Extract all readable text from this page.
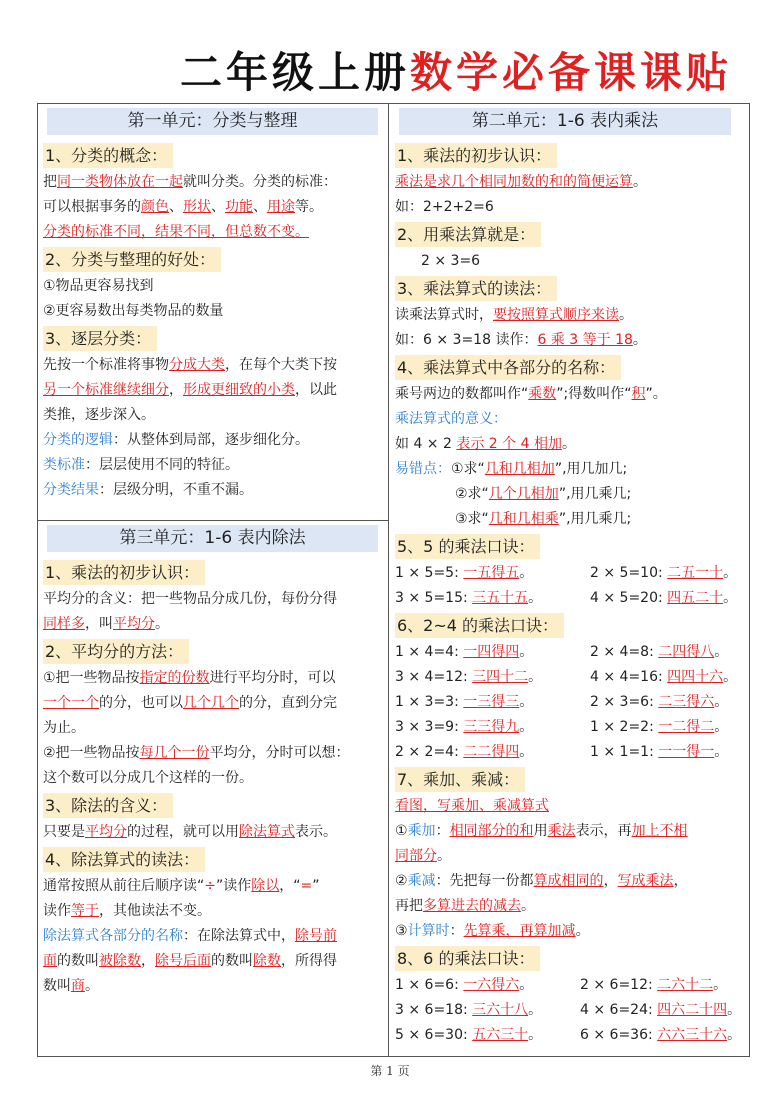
二年级上册数学必备课课贴
第一单元：分类与整理
1、分类的概念：
把同一类物体放在一起就叫分类。分类的标准：
可以根据事务的颜色、形状、功能、用途等。
分类的标准不同，结果不同，但总数不变。
2、分类与整理的好处：
①物品更容易找到
②更容易数出每类物品的数量
3、逐层分类：
先按一个标准将事物分成大类，在每个大类下按
另一个标准继续细分，形成更细致的小类，以此
类推，逐步深入。
分类的逻辑：从整体到局部，逐步细化分。
类标准：层层使用不同的特征。
分类结果：层级分明，不重不漏。
第三单元：1-6 表内除法
1、乘法的初步认识：
平均分的含义：把一些物品分成几份，每份分得
同样多，叫平均分。
2、平均分的方法：
①把一些物品按指定的份数进行平均分时，可以
一个一个的分，也可以几个几个的分，直到分完
为止。
②把一些物品按每几个一份平均分，分时可以想：
这个数可以分成几个这样的一份。
3、除法的含义：
只要是平均分的过程，就可以用除法算式表示。
4、除法算式的读法：
通常按照从前往后顺序读“÷”读作除以，“=”
读作等于，其他读法不变。
除法算式各部分的名称：在除法算式中，除号前
面的数叫被除数，除号后面的数叫除数，所得得
数叫商。
第二单元：1-6 表内乘法
1、乘法的初步认识：
乘法是求几个相同加数的和的简便运算。
如：2+2+2=6
2、用乘法算就是：
2 × 3=6
3、乘法算式的读法：
读乘法算式时，要按照算式顺序来读。
如：6 × 3=18 读作：6 乘 3 等于 18。
4、乘法算式中各部分的名称：
乘号两边的数都叫作“乘数”;得数叫作“积”。
乘法算式的意义：
如 4 × 2 表示 2 个 4 相加。
易错点：①求“几和几相加”,用几加几;
②求“几个几相加”,用几乘几;
③求“几和几相乘”,用几乘几;
5、5 的乘法口诀：
1 × 5=5: 一五得五。	2 × 5=10: 二五一十。
3 × 5=15: 三五十五。	4 × 5=20: 四五二十。
6、2~4 的乘法口诀：
1 × 4=4: 一四得四。	2 × 4=8: 二四得八。
3 × 4=12: 三四十二。	4 × 4=16: 四四十六。
1 × 3=3: 一三得三。	2 × 3=6: 二三得六。
3 × 3=9: 三三得九。	1 × 2=2: 一二得二。
2 × 2=4: 二二得四。	1 × 1=1: 一一得一。
7、乘加、乘减：
看图，写乘加、乘减算式
①乘加：相同部分的和用乘法表示，再加上不相
同部分。
②乘减：先把每一份都算成相同的，写成乘法，
再把多算进去的减去。
③计算时：先算乘，再算加减。
8、6 的乘法口诀：
1 × 6=6: 一六得六。	2 × 6=12: 二六十二。
3 × 6=18: 三六十八。	4 × 6=24: 四六二十四。
5 × 6=30: 五六三十。	6 × 6=36: 六六三十六。
第 1 页
